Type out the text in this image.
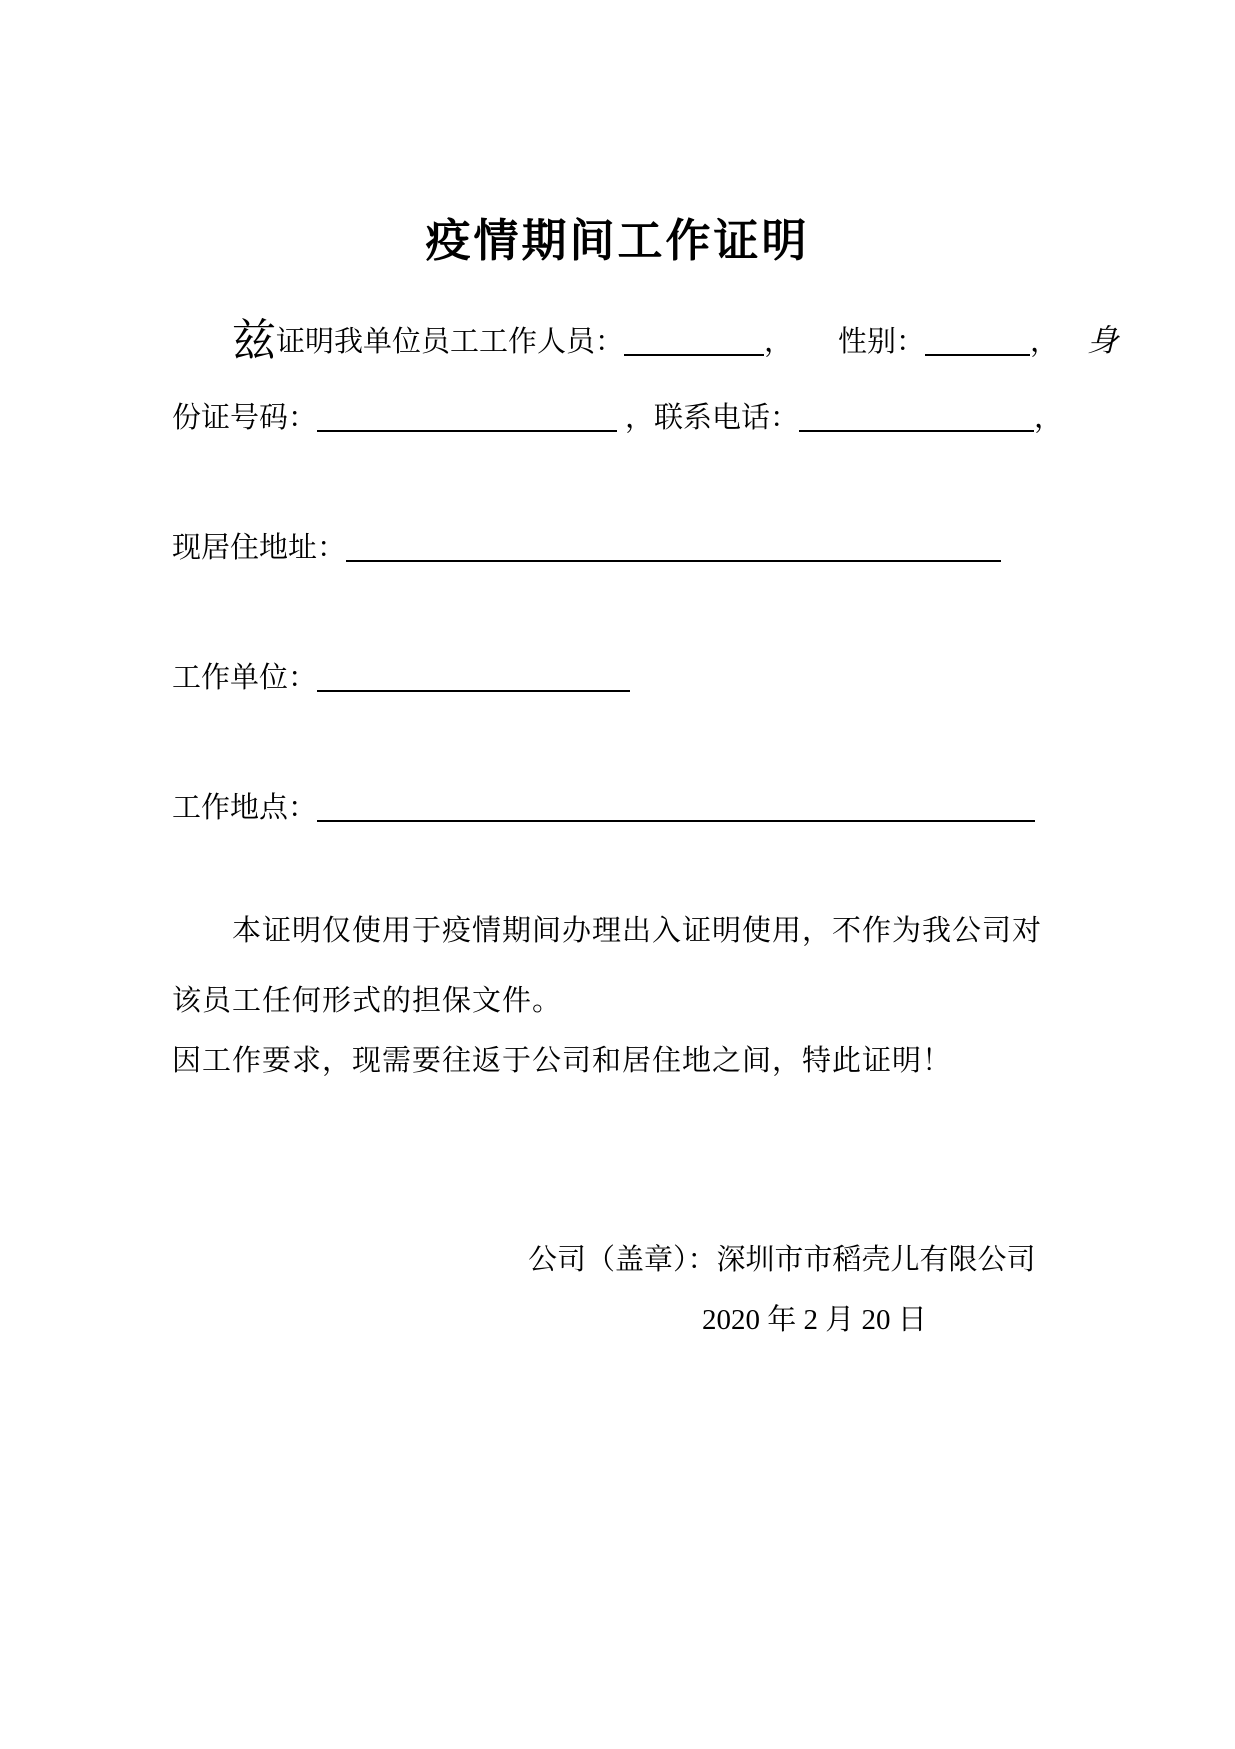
疫情期间工作证明
兹证明我单位员工工作人员：	， 性别：	， 身
份证号码：	，联系电话：	，
现居住地址：
工作单位：
工作地点：
本证明仅使用于疫情期间办理出入证明使用，不作为我公司对
该员工任何形式的担保文件。
因工作要求，现需要往返于公司和居住地之间，特此证明！
公司（盖章）：深圳市市稻壳儿有限公司
2020 年 2 月 20 日
